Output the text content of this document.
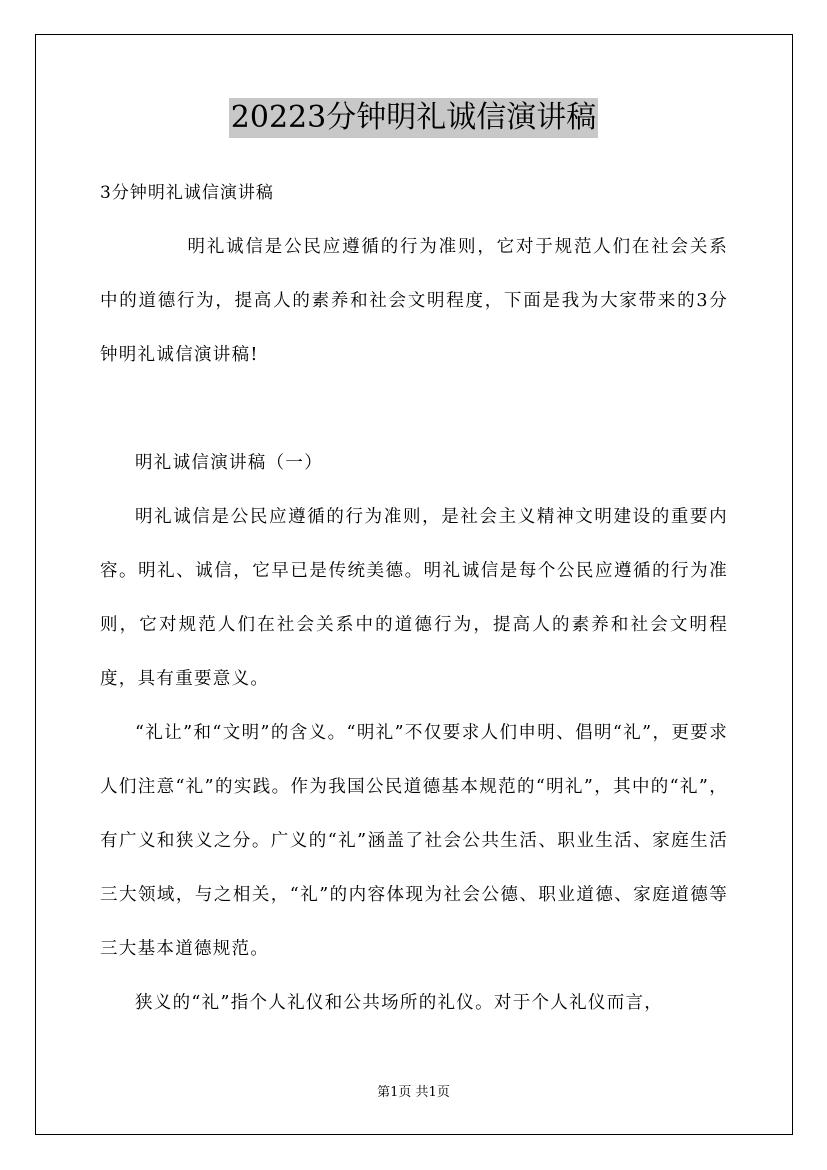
20223分钟明礼诚信演讲稿
3分钟明礼诚信演讲稿

明礼诚信是公民应遵循的行为准则，它对于规范人们在社会关系中的道德行为，提高人的素养和社会文明程度，下面是我为大家带来的3分钟明礼诚信演讲稿!

明礼诚信演讲稿（一）

明礼诚信是公民应遵循的行为准则，是社会主义精神文明建设的重要内容。明礼、诚信，它早已是传统美德。明礼诚信是每个公民应遵循的行为准则，它对规范人们在社会关系中的道德行为，提高人的素养和社会文明程度，具有重要意义。

“礼让”和“文明”的含义。“明礼”不仅要求人们申明、倡明“礼”，更要求人们注意“礼”的实践。作为我国公民道德基本规范的“明礼”，其中的“礼”，有广义和狭义之分。广义的“礼”涵盖了社会公共生活、职业生活、家庭生活三大领域，与之相关，“礼”的内容体现为社会公德、职业道德、家庭道德等三大基本道德规范。

狭义的“礼”指个人礼仪和公共场所的礼仪。对于个人礼仪而言，

第1页 共1页
